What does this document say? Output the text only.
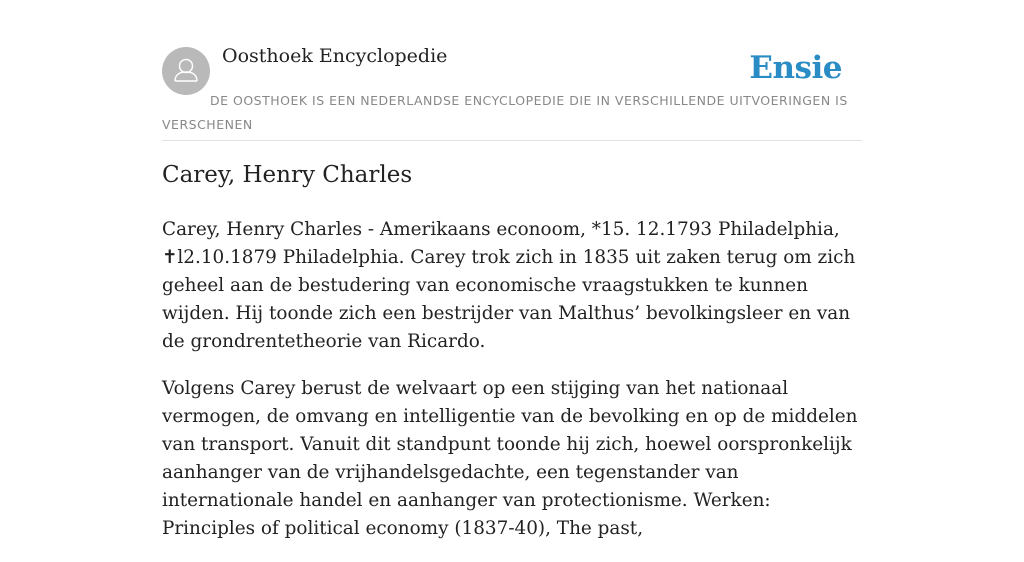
Oosthoek Encyclopedie	Ensie
DE OOSTHOEK IS EEN NEDERLANDSE ENCYCLOPEDIE DIE IN VERSCHILLENDE UITVOERINGEN IS VERSCHENEN
Carey, Henry Charles

Carey, Henry Charles - Amerikaans econoom, *15. 12.1793 Philadelphia, ✝l2.10.1879 Philadelphia. Carey trok zich in 1835 uit zaken terug om zich geheel aan de bestudering van economische vraagstukken te kunnen wijden. Hij toonde zich een bestrijder van Malthus’ bevolkingsleer en van de grondrentetheorie van Ricardo.

Volgens Carey berust de welvaart op een stijging van het nationaal vermogen, de omvang en intelligentie van de bevolking en op de middelen van transport. Vanuit dit standpunt toonde hij zich, hoewel oorspronkelijk aanhanger van de vrijhandelsgedachte, een tegenstander van internationale handel en aanhanger van protectionisme. Werken: Principles of political economy (1837-40), The past,
